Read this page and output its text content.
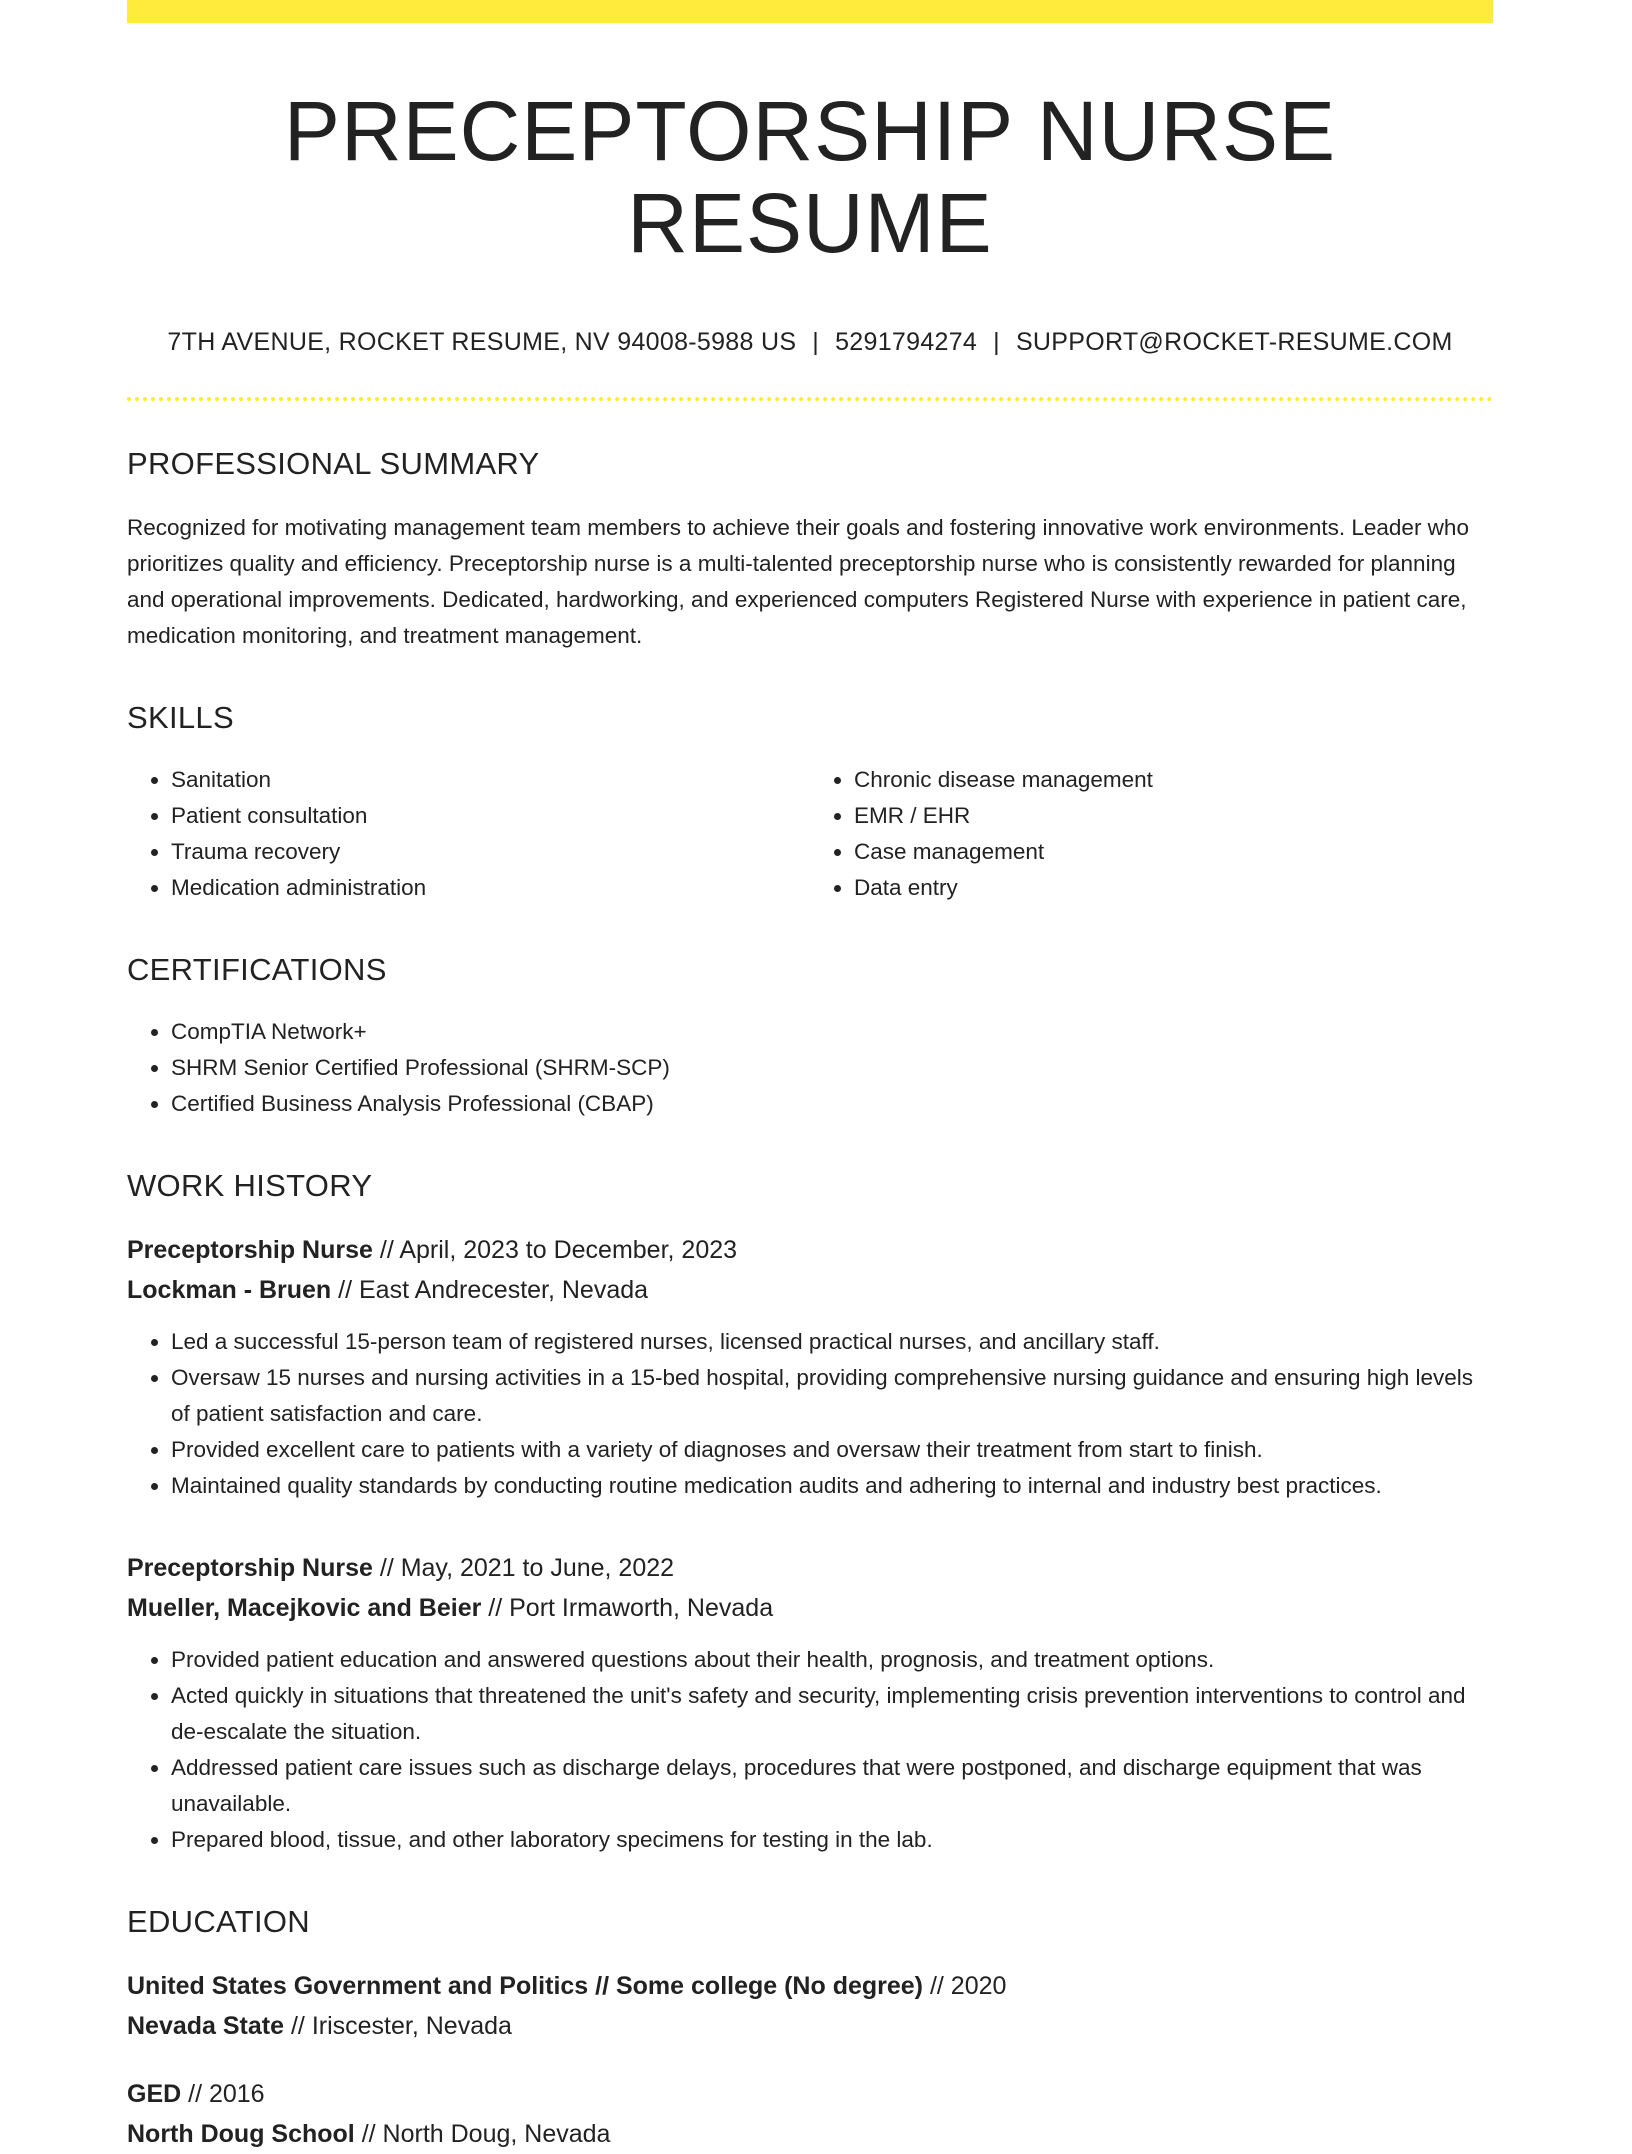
PRECEPTORSHIP NURSE RESUME
7TH AVENUE, ROCKET RESUME, NV 94008-5988 US | 5291794274 | SUPPORT@ROCKET-RESUME.COM
PROFESSIONAL SUMMARY
Recognized for motivating management team members to achieve their goals and fostering innovative work environments. Leader who prioritizes quality and efficiency. Preceptorship nurse is a multi-talented preceptorship nurse who is consistently rewarded for planning and operational improvements. Dedicated, hardworking, and experienced computers Registered Nurse with experience in patient care, medication monitoring, and treatment management.
SKILLS
• Sanitation
• Patient consultation
• Trauma recovery
• Medication administration
• Chronic disease management
• EMR / EHR
• Case management
• Data entry
CERTIFICATIONS
• CompTIA Network+
• SHRM Senior Certified Professional (SHRM-SCP)
• Certified Business Analysis Professional (CBAP)
WORK HISTORY
Preceptorship Nurse // April, 2023 to December, 2023
Lockman - Bruen // East Andrecester, Nevada
• Led a successful 15-person team of registered nurses, licensed practical nurses, and ancillary staff.
• Oversaw 15 nurses and nursing activities in a 15-bed hospital, providing comprehensive nursing guidance and ensuring high levels of patient satisfaction and care.
• Provided excellent care to patients with a variety of diagnoses and oversaw their treatment from start to finish.
• Maintained quality standards by conducting routine medication audits and adhering to internal and industry best practices.
Preceptorship Nurse // May, 2021 to June, 2022
Mueller, Macejkovic and Beier // Port Irmaworth, Nevada
• Provided patient education and answered questions about their health, prognosis, and treatment options.
• Acted quickly in situations that threatened the unit's safety and security, implementing crisis prevention interventions to control and de-escalate the situation.
• Addressed patient care issues such as discharge delays, procedures that were postponed, and discharge equipment that was unavailable.
• Prepared blood, tissue, and other laboratory specimens for testing in the lab.
EDUCATION
United States Government and Politics // Some college (No degree) // 2020
Nevada State // Iriscester, Nevada
GED // 2016
North Doug School // North Doug, Nevada
